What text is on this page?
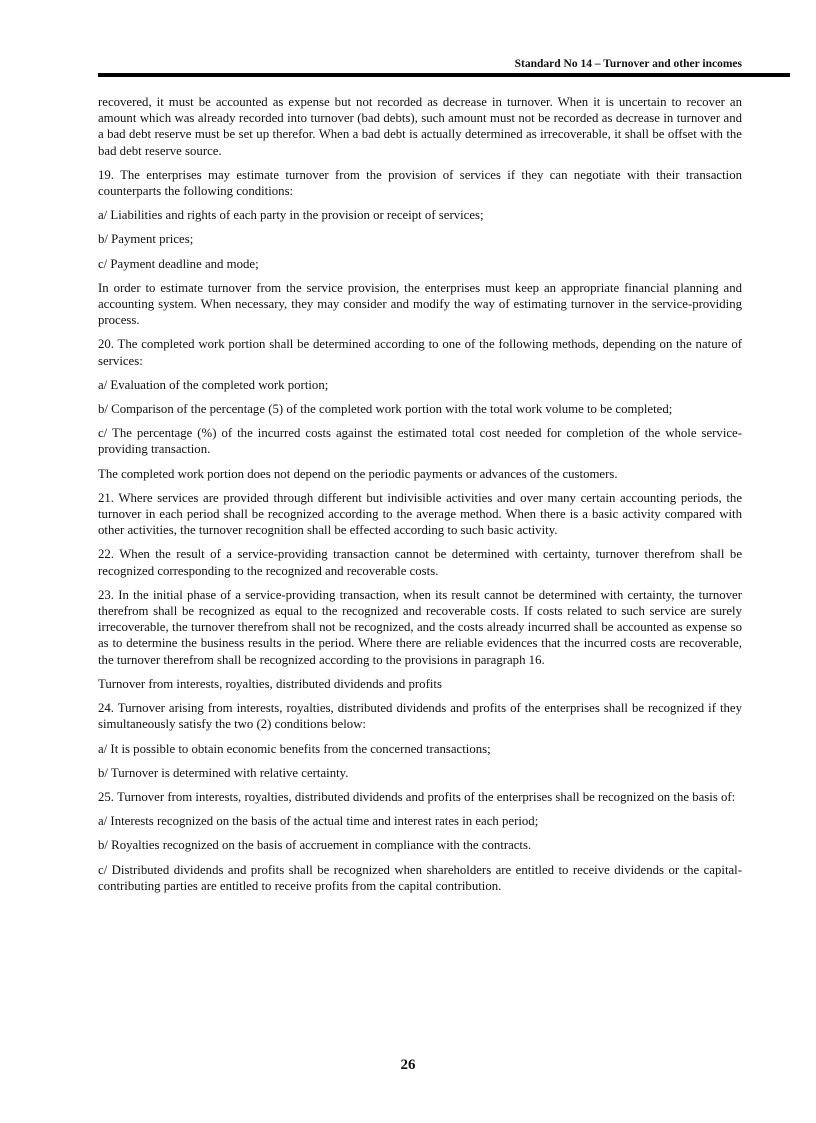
Standard No 14 – Turnover and other incomes

recovered, it must be accounted as expense but not recorded as decrease in turnover. When it is uncertain to recover an amount which was already recorded into turnover (bad debts), such amount must not be recorded as decrease in turnover and a bad debt reserve must be set up therefor. When a bad debt is actually determined as irrecoverable, it shall be offset with the bad debt reserve source.

19. The enterprises may estimate turnover from the provision of services if they can negotiate with their transaction counterparts the following conditions:

a/ Liabilities and rights of each party in the provision or receipt of services;

b/ Payment prices;

c/ Payment deadline and mode;

In order to estimate turnover from the service provision, the enterprises must keep an appropriate financial planning and accounting system. When necessary, they may consider and modify the way of estimating turnover in the service-providing process.

20. The completed work portion shall be determined according to one of the following methods, depending on the nature of services:

a/ Evaluation of the completed work portion;

b/ Comparison of the percentage (5) of the completed work portion with the total work volume to be completed;

c/ The percentage (%) of the incurred costs against the estimated total cost needed for completion of the whole service-providing transaction.

The completed work portion does not depend on the periodic payments or advances of the customers.

21. Where services are provided through different but indivisible activities and over many certain accounting periods, the turnover in each period shall be recognized according to the average method. When there is a basic activity compared with other activities, the turnover recognition shall be effected according to such basic activity.

22. When the result of a service-providing transaction cannot be determined with certainty, turnover therefrom shall be recognized corresponding to the recognized and recoverable costs.

23. In the initial phase of a service-providing transaction, when its result cannot be determined with certainty, the turnover therefrom shall be recognized as equal to the recognized and recoverable costs. If costs related to such service are surely irrecoverable, the turnover therefrom shall not be recognized, and the costs already incurred shall be accounted as expense so as to determine the business results in the period. Where there are reliable evidences that the incurred costs are recoverable, the turnover therefrom shall be recognized according to the provisions in paragraph 16.

Turnover from interests, royalties, distributed dividends and profits

24. Turnover arising from interests, royalties, distributed dividends and profits of the enterprises shall be recognized if they simultaneously satisfy the two (2) conditions below:

a/ It is possible to obtain economic benefits from the concerned transactions;

b/ Turnover is determined with relative certainty.

25. Turnover from interests, royalties, distributed dividends and profits of the enterprises shall be recognized on the basis of:

a/ Interests recognized on the basis of the actual time and interest rates in each period;

b/ Royalties recognized on the basis of accruement in compliance with the contracts.

c/ Distributed dividends and profits shall be recognized when shareholders are entitled to receive dividends or the capital-contributing parties are entitled to receive profits from the capital contribution.

26
